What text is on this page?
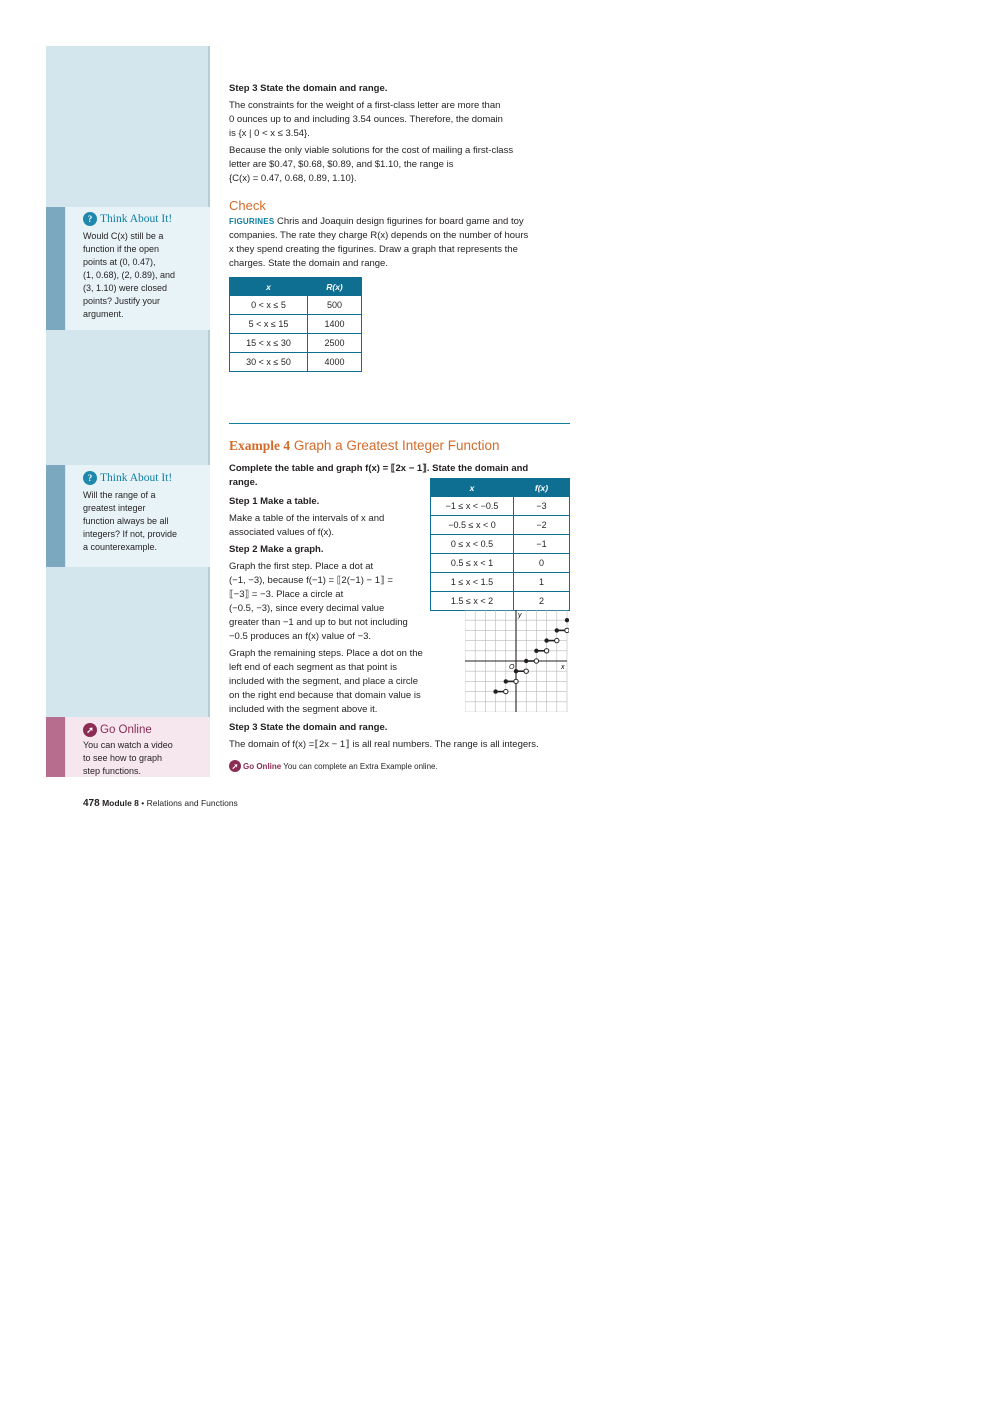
? Think About It!
Would C(x) still be a
function if the open
points at (0, 0.47),
(1, 0.68), (2, 0.89), and
(3, 1.10) were closed
points? Justify your
argument.
? Think About It!
Will the range of a
greatest integer
function always be all
integers? If not, provide
a counterexample.
➚ Go Online
You can watch a video
to see how to graph
step functions.
Step 3 State the domain and range.
The constraints for the weight of a first-class letter are more than
0 ounces up to and including 3.54 ounces. Therefore, the domain
is {x | 0 < x ≤ 3.54}.
Because the only viable solutions for the cost of mailing a first-class
letter are $0.47, $0.68, $0.89, and $1.10, the range is
{C(x) = 0.47, 0.68, 0.89, 1.10}.
Check
FIGURINES Chris and Joaquin design figurines for board game and toy
companies. The rate they charge R(x) depends on the number of hours
x they spend creating the figurines. Draw a graph that represents the
charges. State the domain and range.
x	R(x)
0 < x ≤ 5	500
5 < x ≤ 15	1400
15 < x ≤ 30	2500
30 < x ≤ 50	4000
Example 4 Graph a Greatest Integer Function
Complete the table and graph f(x) = ⟦2x − 1⟧. State the domain and
range.
Step 1 Make a table.
Make a table of the intervals of x and
associated values of f(x).
Step 2 Make a graph.
Graph the first step. Place a dot at
(−1, −3), because f(−1) = ⟦2(−1) − 1⟧ =
⟦−3⟧ = −3. Place a circle at
(−0.5, −3), since every decimal value
greater than −1 and up to but not including
−0.5 produces an f(x) value of −3.
Graph the remaining steps. Place a dot on the
left end of each segment as that point is
included with the segment, and place a circle
on the right end because that domain value is
included with the segment above it.
Step 3 State the domain and range.
The domain of f(x) =⟦2x − 1⟧ is all real numbers. The range is all integers.
➚ Go Online You can complete an Extra Example online.
x	f(x)
−1 ≤ x < −0.5	−3
−0.5 ≤ x < 0	−2
0 ≤ x < 0.5	−1
0.5 ≤ x < 1	0
1 ≤ x < 1.5	1
1.5 ≤ x < 2	2
x
y
O
478 Module 8 • Relations and Functions
